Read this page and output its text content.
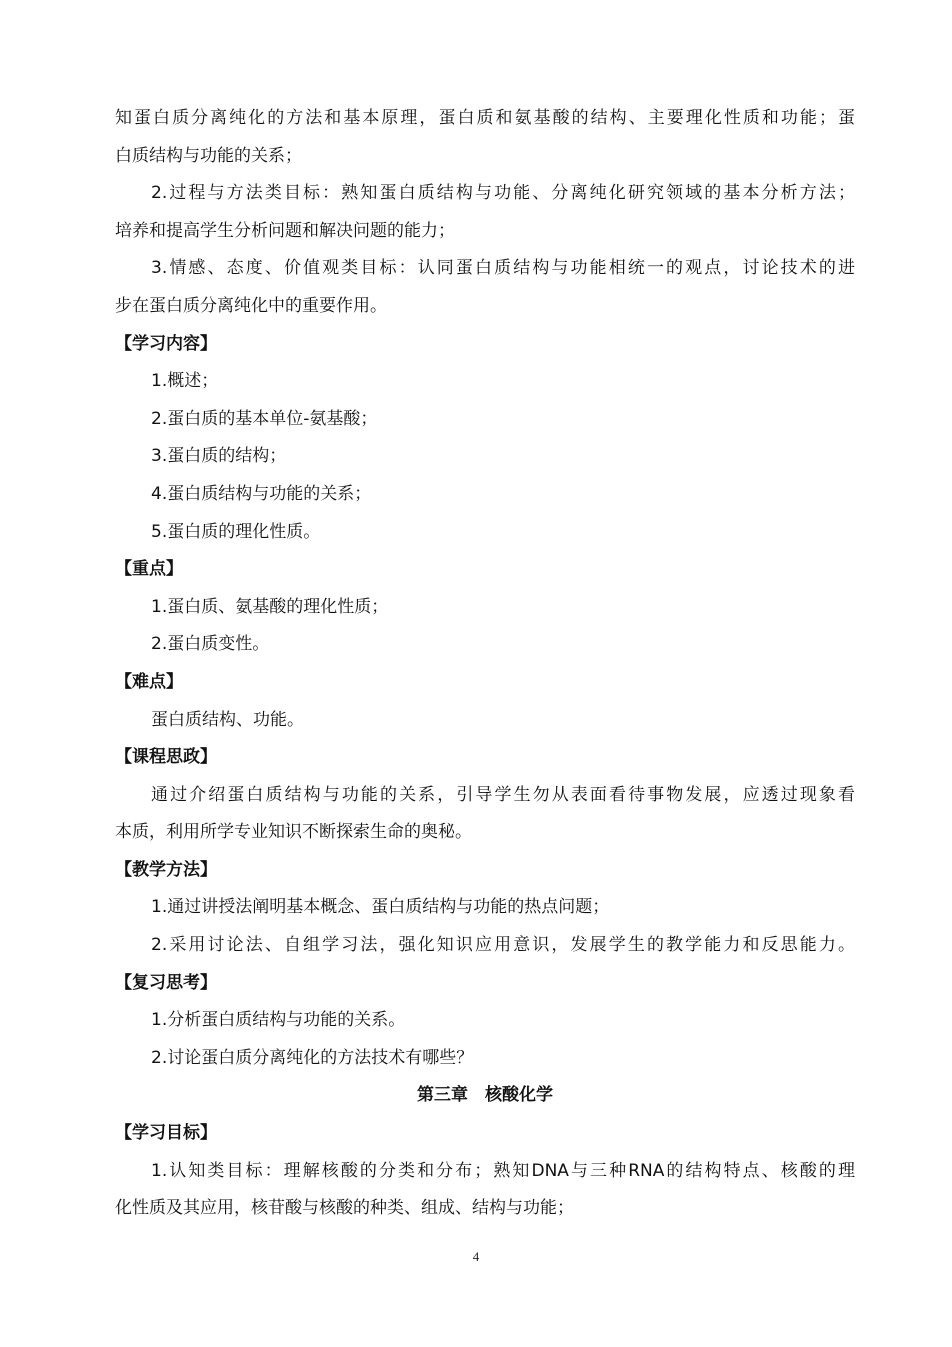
知蛋白质分离纯化的方法和基本原理，蛋白质和氨基酸的结构、主要理化性质和功能；蛋
白质结构与功能的关系；
2.过程与方法类目标：熟知蛋白质结构与功能、分离纯化研究领域的基本分析方法；
培养和提高学生分析问题和解决问题的能力；
3.情感、态度、价值观类目标：认同蛋白质结构与功能相统一的观点，讨论技术的进
步在蛋白质分离纯化中的重要作用。
【学习内容】
1.概述；
2.蛋白质的基本单位-氨基酸；
3.蛋白质的结构；
4.蛋白质结构与功能的关系；
5.蛋白质的理化性质。
【重点】
1.蛋白质、氨基酸的理化性质；
2.蛋白质变性。
【难点】
蛋白质结构、功能。
【课程思政】
通过介绍蛋白质结构与功能的关系，引导学生勿从表面看待事物发展，应透过现象看
本质，利用所学专业知识不断探索生命的奥秘。
【教学方法】
1.通过讲授法阐明基本概念、蛋白质结构与功能的热点问题；
2.采用讨论法、自组学习法，强化知识应用意识，发展学生的教学能力和反思能力。
【复习思考】
1.分析蛋白质结构与功能的关系。
2.讨论蛋白质分离纯化的方法技术有哪些？
第三章　核酸化学
【学习目标】
1.认知类目标：理解核酸的分类和分布；熟知DNA与三种RNA的结构特点、核酸的理
化性质及其应用，核苷酸与核酸的种类、组成、结构与功能；
4
